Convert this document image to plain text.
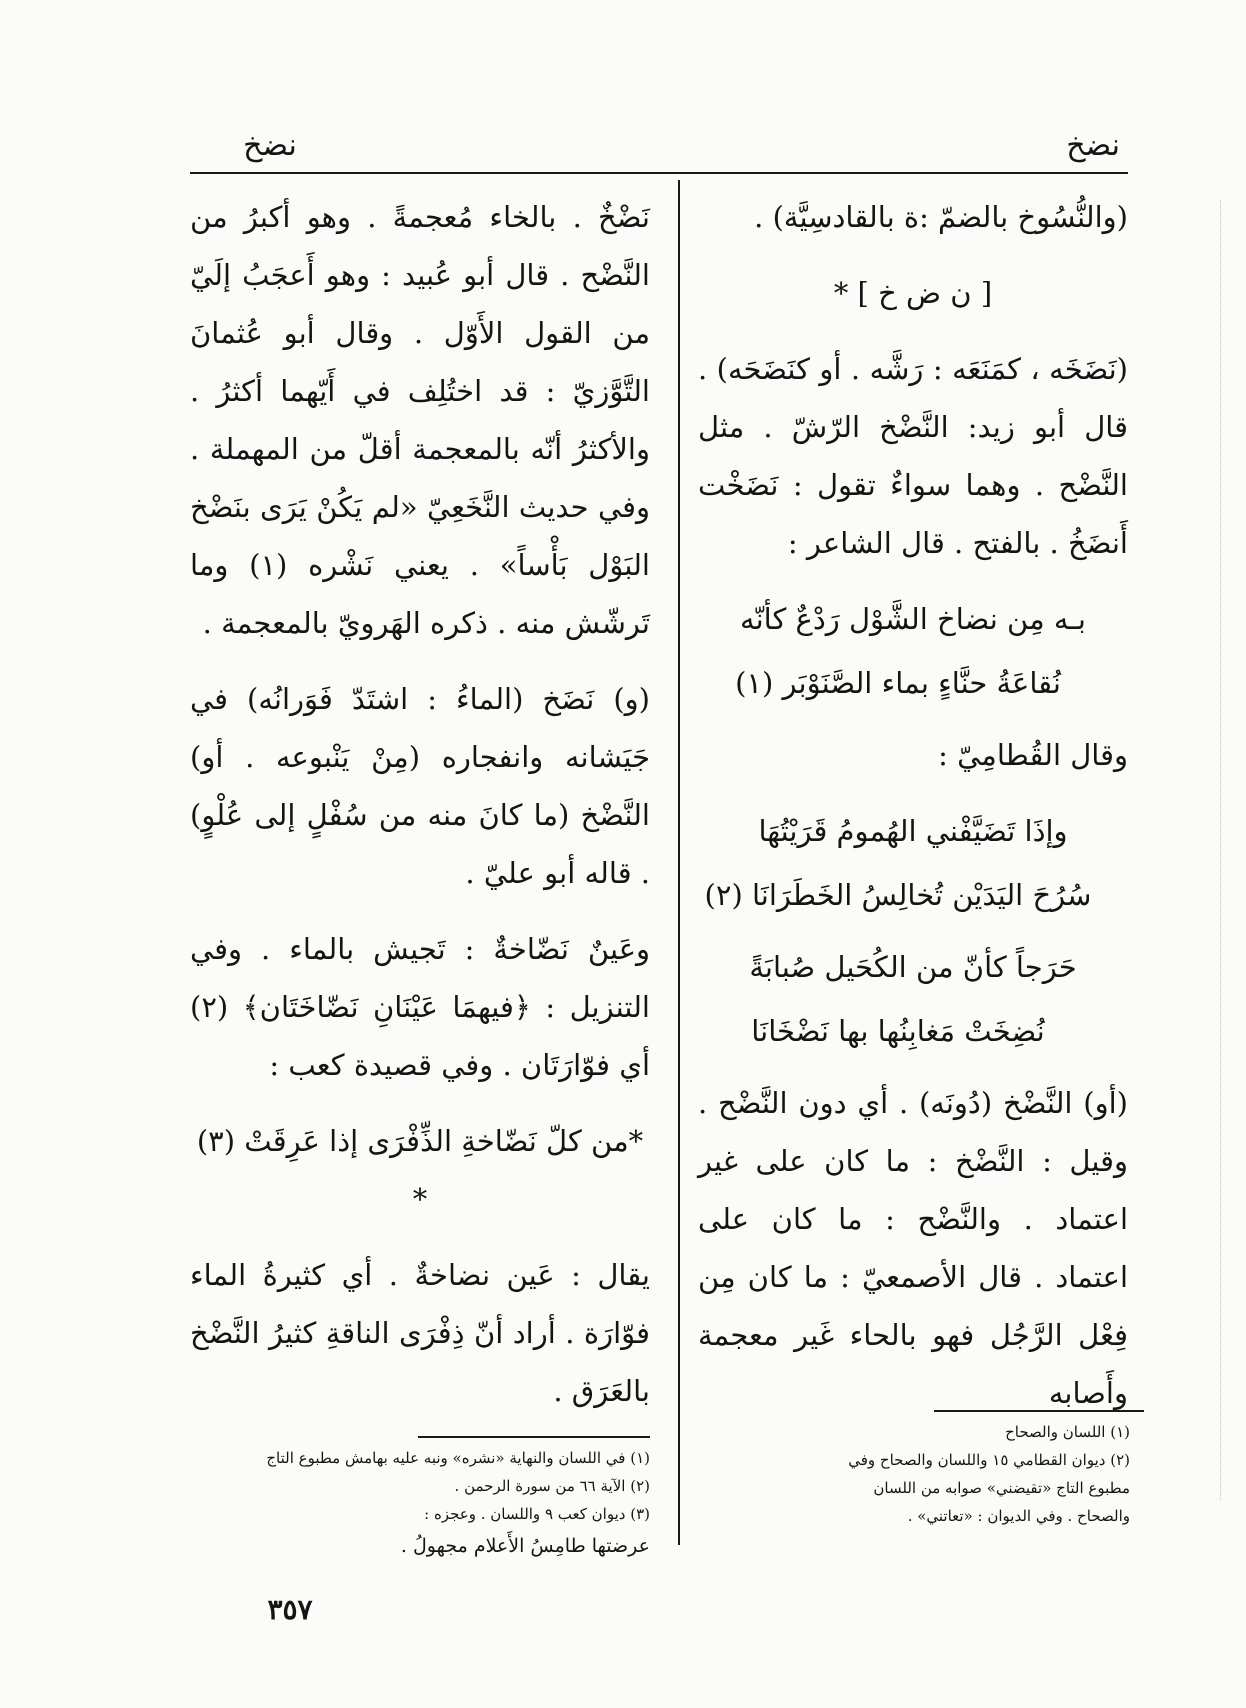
نضخ
نضخ

(والنُّسُوخ بالضمّ :ة بالقادسِيَّة) .

[ ن ض خ ] *

(نَضَخَه ، كمَنَعَه : رَشَّه . أو كنَضَحَه) . قال أبو زيد: النَّضْخ الرّشّ . مثل النَّضْح . وهما سواءٌ تقول : نَضَخْت أَنضَخُ . بالفتح . قال الشاعر :

بـه مِن نضاخ الشَّوْل رَدْعٌ كأنّه
نُقاعَةُ حنَّاءٍ بماء الصَّنَوْبَر (١)

وقال القُطامِيّ :

وإذَا تَضَيَّفْني الهُمومُ قَرَيْتُهَا
سُرُحَ اليَدَيْن تُخالِسُ الخَطَرَانَا (٢)
حَرَجاً كأنّ من الكُحَيل صُبابَةً
نُضِخَتْ مَغابِنُها بها نَضْخَانَا

(أو) النَّضْخ (دُونَه) . أي دون النَّضْح . وقيل : النَّضْخ : ما كان على غير اعتماد . والنَّضْح : ما كان على اعتماد . قال الأصمعيّ : ما كان مِن فِعْل الرَّجُل فهو بالحاء غَير معجمة وأَصابه

نَضْخٌ . بالخاء مُعجمةً . وهو أكبرُ من النَّضْح . قال أبو عُبيد : وهو أَعجَبُ إلَيّ من القول الأَوّل . وقال أبو عُثمانَ التَّوَّزيّ : قد اختُلِف في أَيّهما أكثرُ . والأكثرُ أنّه بالمعجمة أقلّ من المهملة . وفي حديث النَّخَعِيّ «لم يَكُنْ يَرَى بنَضْخ البَوْل بَأْساً» . يعني نَشْره (١) وما تَرشّش منه . ذكره الهَرويّ بالمعجمة .

(و) نَضَخ (الماءُ : اشتَدّ فَوَرانُه) في جَيَشانه وانفجاره (مِنْ يَنْبوعه . أو) النَّضْخ (ما كانَ منه من سُفْلٍ إلى عُلْوٍ) . قاله أبو عليّ .

وعَينٌ نَضّاخةٌ : تَجيش بالماء . وفي التنزيل : ﴿فيهمَا عَيْنَانِ نَضّاخَتَان﴾ (٢) أي فوّارَتَان . وفي قصيدة كعب :

*من كلّ نَضّاخةِ الذِّفْرَى إذا عَرِقَتْ (٣) *

يقال : عَين نضاخةٌ . أي كثيرةُ الماء فوّارَة . أراد أنّ ذِفْرَى الناقةِ كثيرُ النَّضْخ بالعَرَق .

(١) اللسان والصحاح
(٢) ديوان القطامي ١٥ واللسان والصحاح وفي مطبوع التاج «تقيضني» صوابه من اللسان والصحاح . وفي الديوان : «تعاتني» .
(١) في اللسان والنهاية «نشره» ونبه عليه بهامش مطبوع التاج
(٢) الآية ٦٦ من سورة الرحمن .
(٣) ديوان كعب ٩ واللسان . وعجزه :
عرضتها طامِسُ الأَعلام مجهولُ .
٣٥٧
